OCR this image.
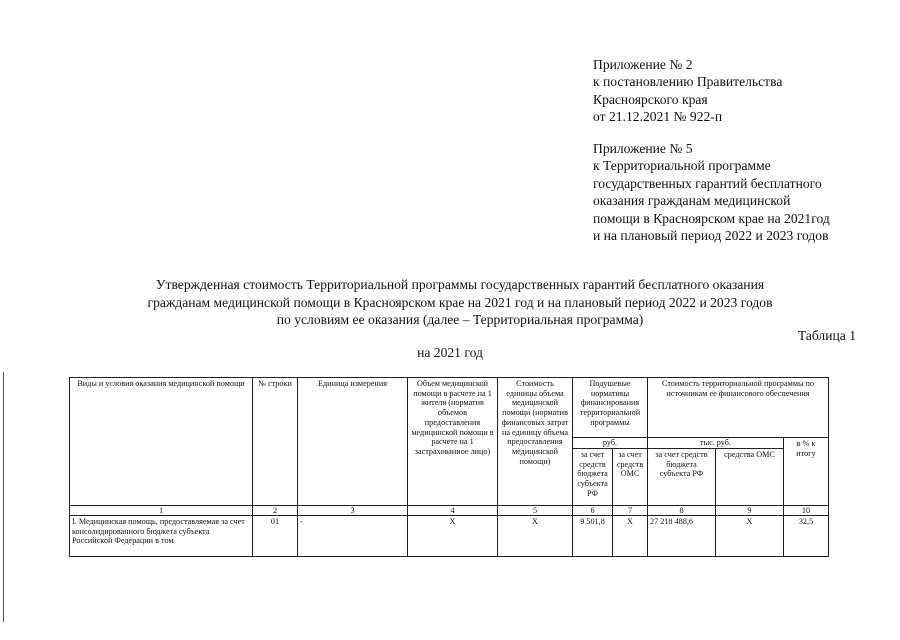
Приложение № 2
к постановлению Правительства
Красноярского края
от 21.12.2021 № 922-п
Приложение № 5
к Территориальной программе
государственных гарантий бесплатного
оказания гражданам медицинской
помощи в Красноярском крае на 2021год
и на плановый период 2022 и 2023 годов
Утвержденная стоимость Территориальной программы государственных гарантий бесплатного оказания
гражданам медицинской помощи в Красноярском крае на 2021 год и на плановый период 2022 и 2023 годов
по условиям ее оказания (далее – Территориальная программа)
Таблица 1
на 2021 год
Виды и условия оказания медицинской помощи	№ строки	Единица измерения	Объем медицинской помощи в расчете на 1 жителя (норматив объемов предоставления медицинской помощи в расчете на 1 застрахованное лицо)	Стоимость единицы объема медицинской помощи (норматив финансовых затрат на единицу объема предоставления медицинской помощи)	Подушевые нормативы финансирования территориальной программы		Стоимость территориальной программы по источникам ее финансового обеспечения		
					руб.		тыс. руб.		в % к итогу
					за счет средств бюджета субъекта РФ	за счет средств ОМС	за счет средств бюджета субъекта РФ	средства ОМС	
1	2	3	4	5	6	7	8	9	10
I. Медицинская помощь, предоставляемая за счет консолидированного бюджета субъекта Российской Федерации в том	01	-	X	X	9 501,8	X	27 218 488,6	X	32,5
